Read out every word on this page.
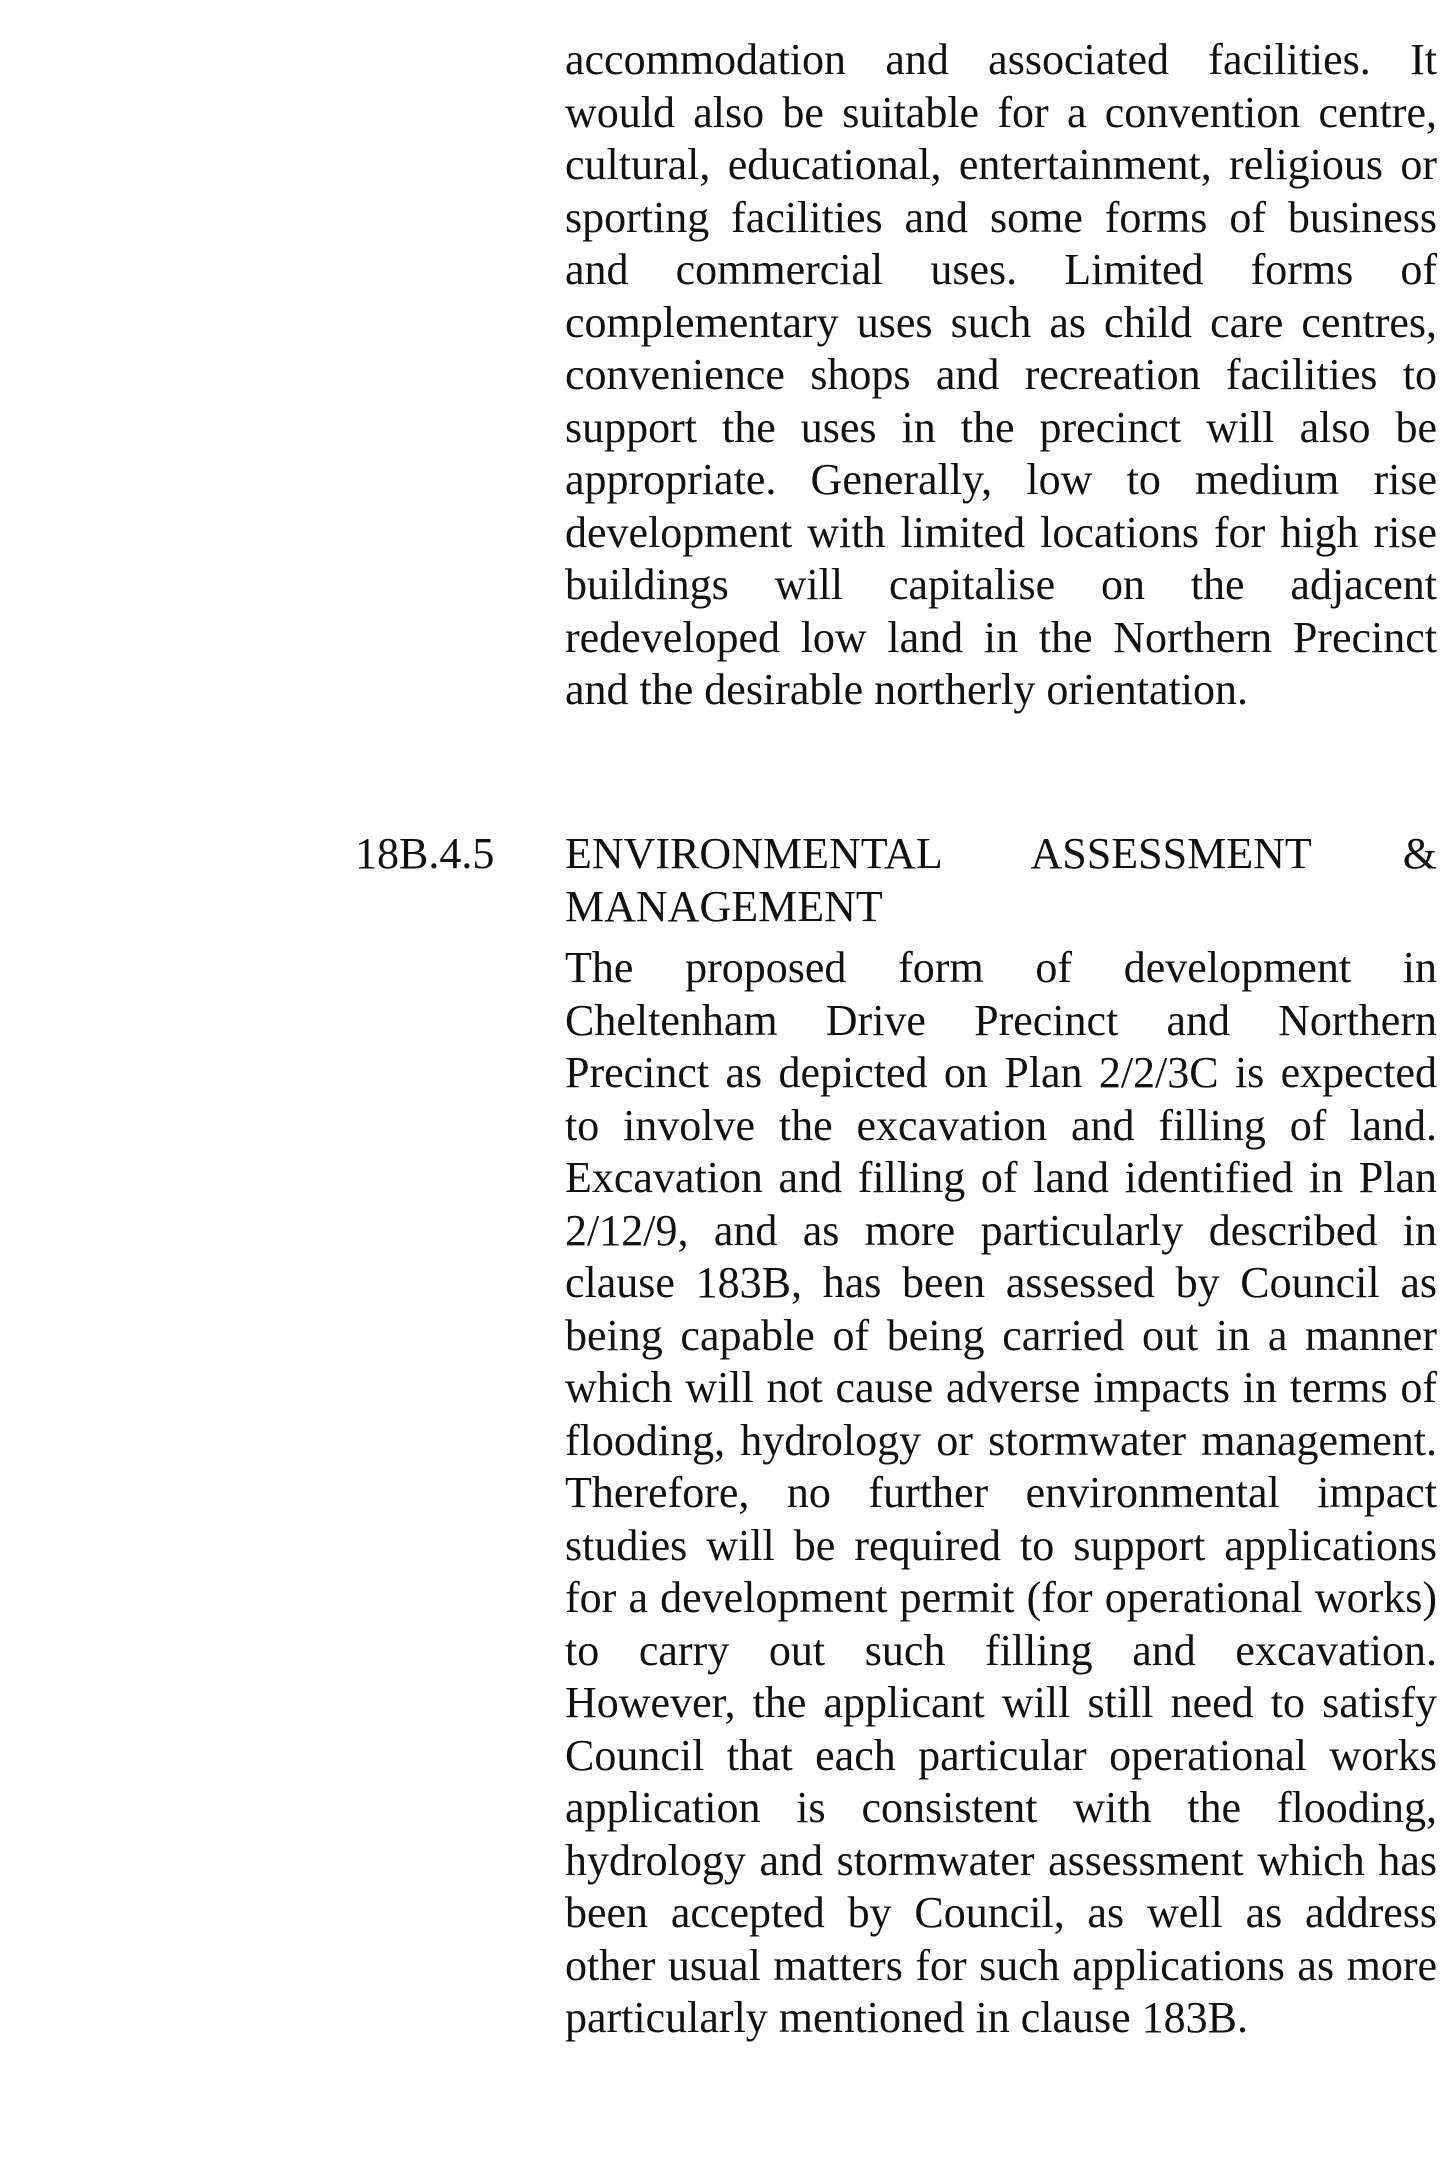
accommodation and associated facilities. It would also be suitable for a convention centre, cultural, educational, entertainment, religious or sporting facilities and some forms of business and commercial uses. Limited forms of complementary uses such as child care centres, convenience shops and recreation facilities to support the uses in the precinct will also be appropriate. Generally, low to medium rise development with limited locations for high rise buildings will capitalise on the adjacent redeveloped low land in the Northern Precinct and the desirable northerly orientation.

18B.4.5 ENVIRONMENTAL ASSESSMENT &
MANAGEMENT

The proposed form of development in Cheltenham Drive Precinct and Northern Precinct as depicted on Plan 2/2/3C is expected to involve the excavation and filling of land. Excavation and filling of land identified in Plan 2/12/9, and as more particularly described in clause 183B, has been assessed by Council as being capable of being carried out in a manner which will not cause adverse impacts in terms of flooding, hydrology or stormwater management. Therefore, no further environmental impact studies will be required to support applications for a development permit (for operational works) to carry out such filling and excavation. However, the applicant will still need to satisfy Council that each particular operational works application is consistent with the flooding, hydrology and stormwater assessment which has been accepted by Council, as well as address other usual matters for such applications as more particularly mentioned in clause 183B.
